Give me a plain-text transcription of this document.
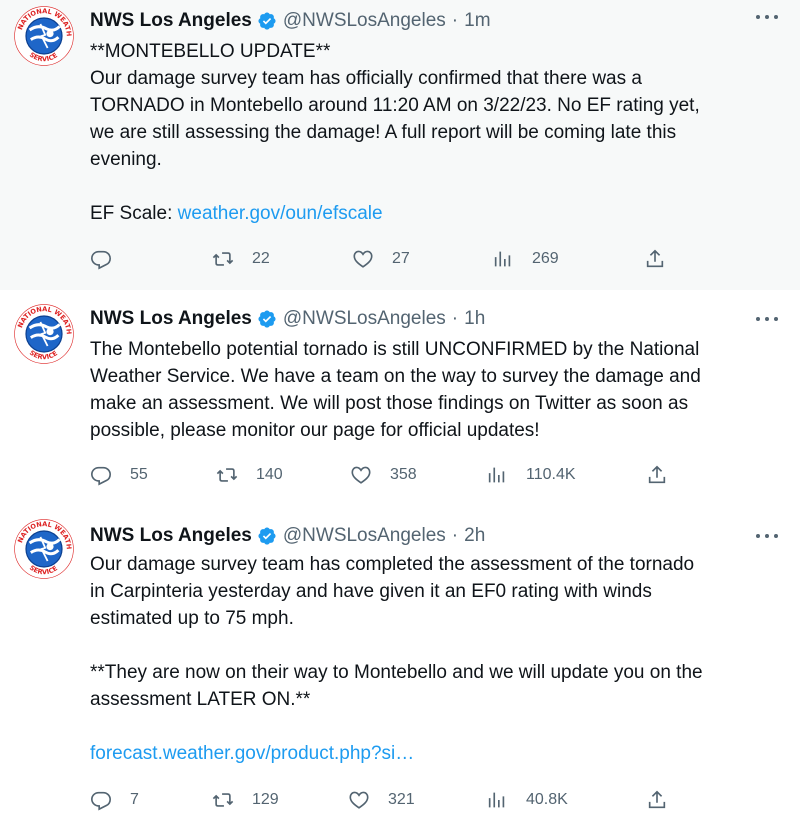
NWS Los Angeles @NWSLosAngeles · 1m

**MONTEBELLO UPDATE**

Our damage survey team has officially confirmed that there was a

TORNADO in Montebello around 11:20 AM on 3/22/23. No EF rating yet,

we are still assessing the damage! A full report will be coming late this

evening.

EF Scale: weather.gov/oun/efscale

22	27	269
NWS Los Angeles @NWSLosAngeles · 1h

The Montebello potential tornado is still UNCONFIRMED by the National

Weather Service. We have a team on the way to survey the damage and

make an assessment. We will post those findings on Twitter as soon as

possible, please monitor our page for official updates!

55	140	358	110.4K
NWS Los Angeles @NWSLosAngeles · 2h

Our damage survey team has completed the assessment of the tornado

in Carpinteria yesterday and have given it an EF0 rating with winds

estimated up to 75 mph.

**They are now on their way to Montebello and we will update you on the

assessment LATER ON.**

forecast.weather.gov/product.php?si…

7	129	321	40.8K
